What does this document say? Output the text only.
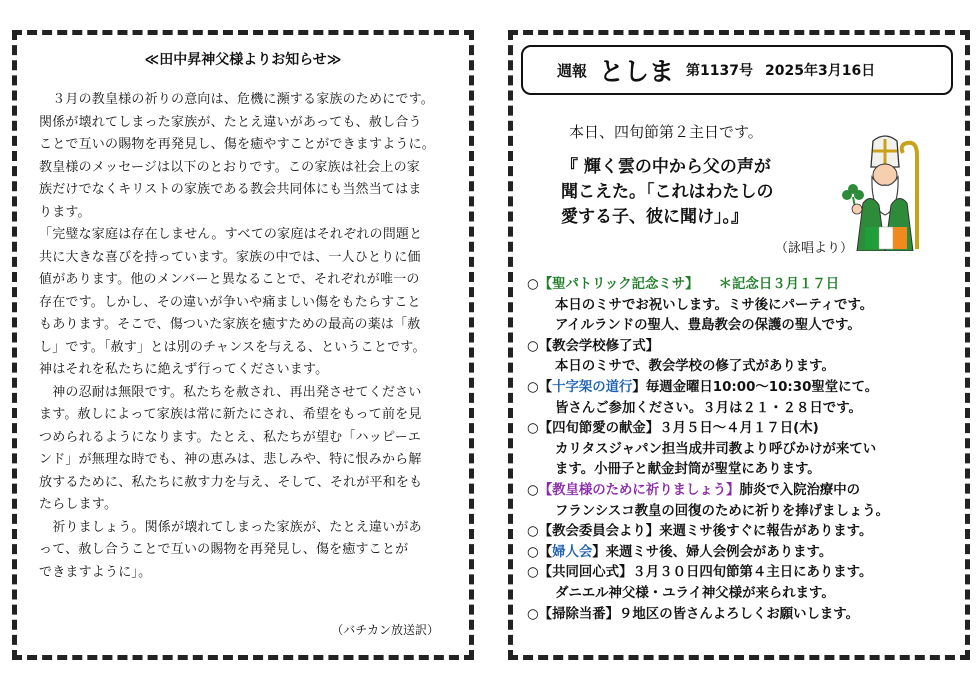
≪田中昇神父様よりお知らせ≫

　３月の教皇様の祈りの意向は、危機に瀕する家族のためにです。

関係が壊れてしまった家族が、たとえ違いがあっても、赦し合う

ことで互いの賜物を再発見し、傷を癒やすことができますように。

教皇様のメッセージは以下のとおりです。この家族は社会上の家

族だけでなくキリストの家族である教会共同体にも当然当てはま

ります。

「完璧な家庭は存在しません。すべての家庭はそれぞれの問題と

共に大きな喜びを持っています。家族の中では、一人ひとりに価

値があります。他のメンバーと異なることで、それぞれが唯一の

存在です。しかし、その違いが争いや痛ましい傷をもたらすこと

もあります。そこで、傷ついた家族を癒すための最高の薬は「赦

し」です。「赦す」とは別のチャンスを与える、ということです。

神はそれを私たちに絶えず行ってくださいます。

　神の忍耐は無限です。私たちを赦され、再出発させてください

ます。赦しによって家族は常に新たにされ、希望をもって前を見

つめられるようになります。たとえ、私たちが望む「ハッピーエ

ンド」が無理な時でも、神の恵みは、悲しみや、特に恨みから解

放するために、私たちに赦す力を与え、そして、それが平和をも

たらします。

　祈りましょう。関係が壊れてしまった家族が、たとえ違いがあ

って、赦し合うことで互いの賜物を再発見し、傷を癒すことが

できますように」。

（バチカン放送訳）
週報 としま 第1137号 2025年3月16日
本日、四旬節第２主日です。
『 輝く雲の中から父の声が
聞こえた。「これはわたしの
愛する子、彼に聞け」。』
（詠唱より）
○【聖パトリック記念ミサ】　　 ＊記念日３月１７日
本日のミサでお祝いします。ミサ後にパーティです。
アイルランドの聖人、豊島教会の保護の聖人です。
○【教会学校修了式】
本日のミサで、教会学校の修了式があります。
○【十字架の道行】毎週金曜日10:00～10:30聖堂にて。
皆さんご参加ください。３月は２１・２８日です。
○【四旬節愛の献金】３月５日～４月１７日(木)
カリタスジャパン担当成井司教より呼びかけが来てい
ます。小冊子と献金封筒が聖堂にあります。
○【教皇様のために祈りましょう】肺炎で入院治療中の
フランシスコ教皇の回復のために祈りを捧げましょう。
○【教会委員会より】来週ミサ後すぐに報告があります。
○【婦人会】来週ミサ後、婦人会例会があります。
○【共同回心式】３月３０日四旬節第４主日にあります。
ダニエル神父様・ユライ神父様が来られます。
○【掃除当番】９地区の皆さんよろしくお願いします。
